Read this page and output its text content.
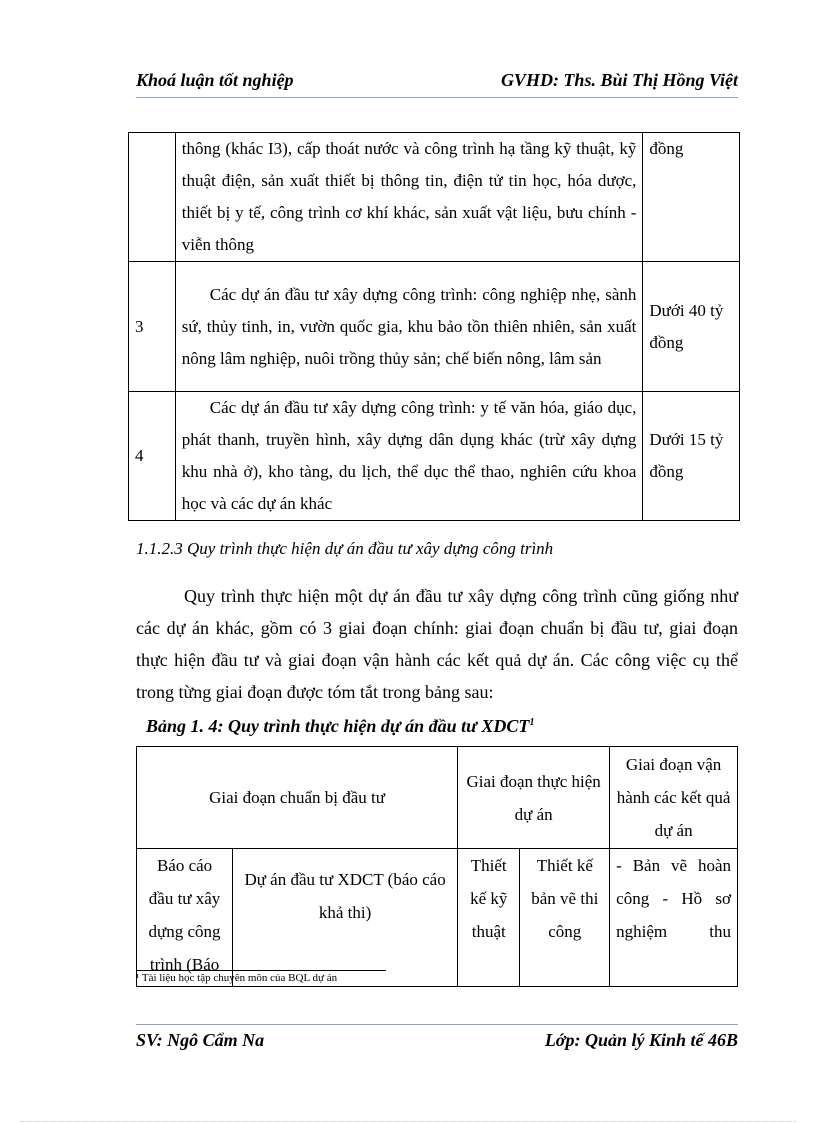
Khoá luận tốt nghiệp	GVHD: Ths. Bùi Thị Hồng Việt
	thông (khác I3), cấp thoát nước và công trình hạ tầng kỹ thuật, kỹ thuật điện, sản xuất thiết bị thông tin, điện tử tin học, hóa dược, thiết bị y tế, công trình cơ khí khác, sản xuất vật liệu, bưu chính - viễn thông	đồng
3	Các dự án đầu tư xây dựng công trình: công nghiệp nhẹ, sành sứ, thủy tinh, in, vườn quốc gia, khu bảo tồn thiên nhiên, sản xuất nông lâm nghiệp, nuôi trồng thủy sản; chế biến nông, lâm sản	Dưới 40 tỷ đồng
4	Các dự án đầu tư xây dựng công trình: y tế văn hóa, giáo dục, phát thanh, truyền hình, xây dựng dân dụng khác (trừ xây dựng khu nhà ở), kho tàng, du lịch, thể dục thể thao, nghiên cứu khoa học và các dự án khác	Dưới 15 tỷ đồng
1.1.2.3 Quy trình thực hiện dự án đầu tư xây dựng công trình
Quy trình thực hiện một dự án đầu tư xây dựng công trình cũng giống như các dự án khác, gồm có 3 giai đoạn chính: giai đoạn chuẩn bị đầu tư, giai đoạn thực hiện đầu tư và giai đoạn vận hành các kết quả dự án. Các công việc cụ thể trong từng giai đoạn được tóm tắt trong bảng sau:
Bảng 1. 4: Quy trình thực hiện dự án đầu tư XDCT$^1$
Giai đoạn chuẩn bị đầu tư		Giai đoạn thực hiện dự án		Giai đoạn vận hành các kết quả dự án
Báo cáo đầu tư xây dựng công trình (Báo	Dự án đầu tư XDCT (báo cáo khả thi)	Thiết kế kỹ thuật	Thiết kế bản vẽ thi công	- Bản vẽ hoàn công - Hồ sơ nghiệm thu
¹ Tài liệu học tập chuyên môn của BQL dự án
SV: Ngô Cẩm Na	Lớp: Quản lý Kinh tế 46B
